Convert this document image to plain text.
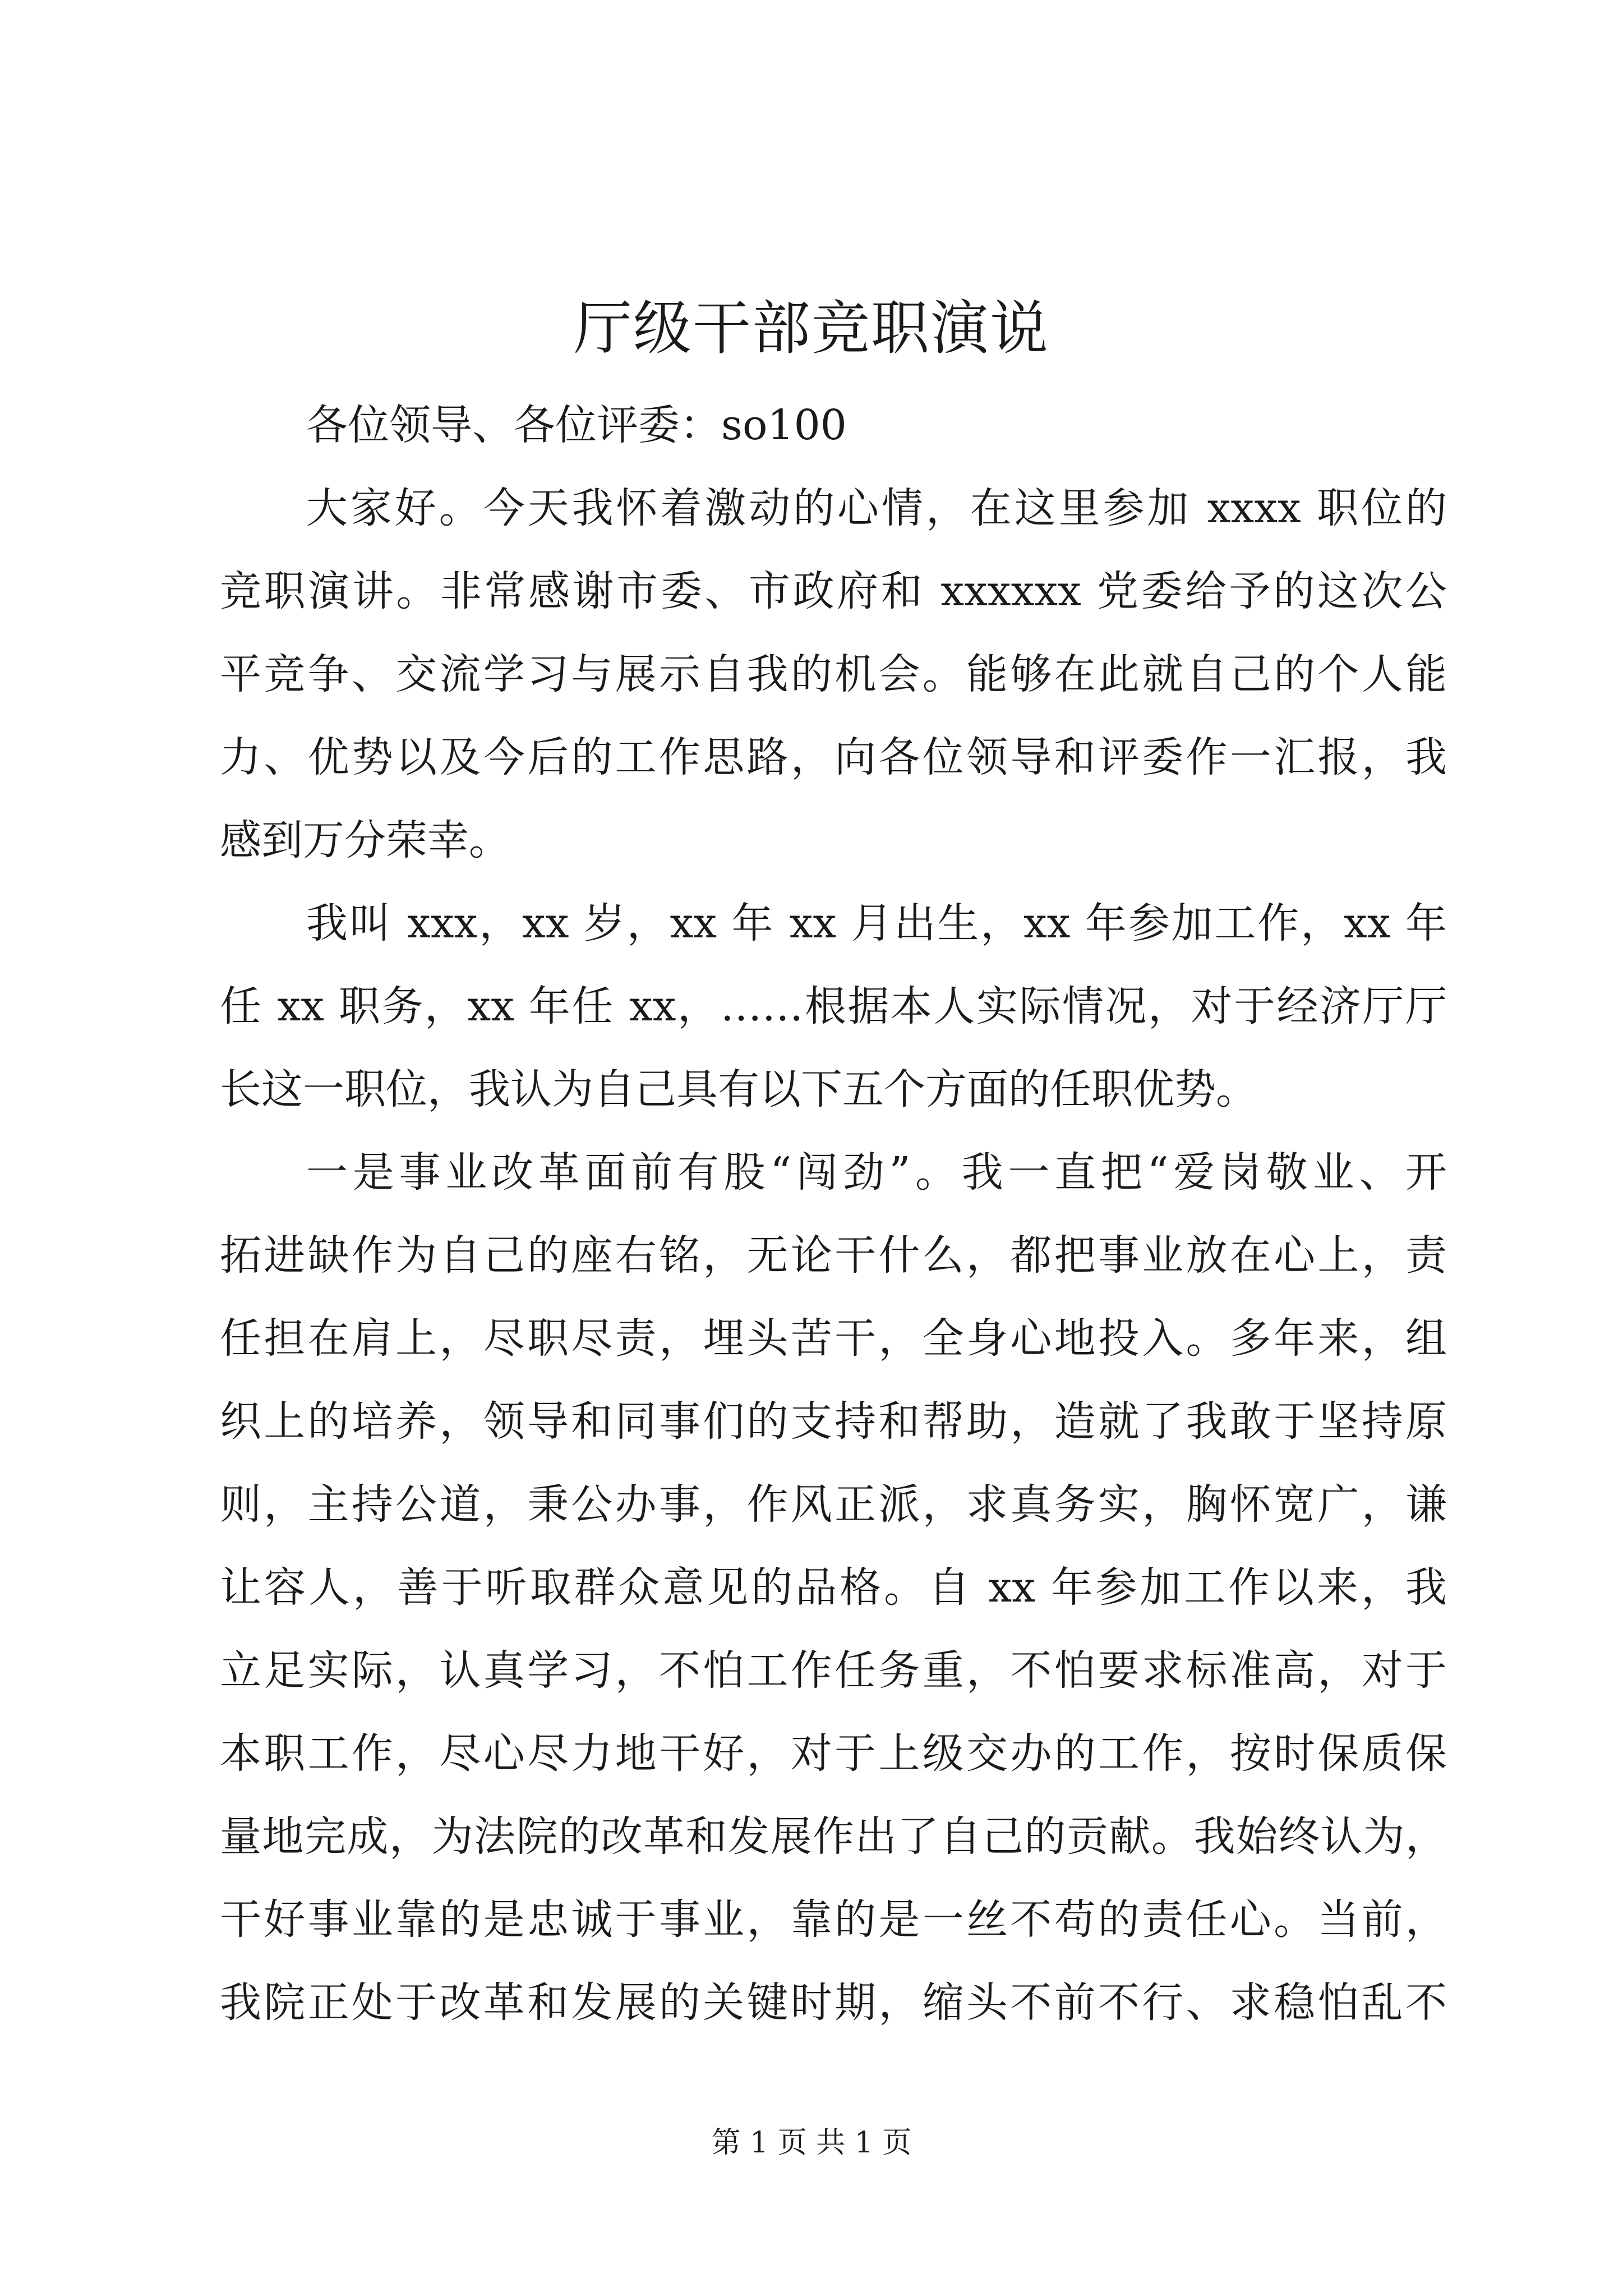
厅级干部竞职演说
各位领导、各位评委：so100
大家好。今天我怀着激动的心情，在这里参加 xxxx 职位的
竞职演讲。非常感谢市委、市政府和 xxxxxx 党委给予的这次公
平竞争、交流学习与展示自我的机会。能够在此就自己的个人能
力、优势以及今后的工作思路，向各位领导和评委作一汇报，我
感到万分荣幸。
我叫 xxx，xx 岁，xx 年 xx 月出生，xx 年参加工作，xx 年
任 xx 职务，xx 年任 xx，……根据本人实际情况，对于经济厅厅
长这一职位，我认为自己具有以下五个方面的任职优势。
一是事业改革面前有股“闯劲”。我一直把“爱岗敬业、开
拓进缺作为自己的座右铭，无论干什么，都把事业放在心上，责
任担在肩上，尽职尽责，埋头苦干，全身心地投入。多年来，组
织上的培养，领导和同事们的支持和帮助，造就了我敢于坚持原
则，主持公道，秉公办事，作风正派，求真务实，胸怀宽广，谦
让容人，善于听取群众意见的品格。自 xx 年参加工作以来，我
立足实际，认真学习，不怕工作任务重，不怕要求标准高，对于
本职工作，尽心尽力地干好，对于上级交办的工作，按时保质保
量地完成，为法院的改革和发展作出了自己的贡献。我始终认为，
干好事业靠的是忠诚于事业，靠的是一丝不苟的责任心。当前，
我院正处于改革和发展的关键时期，缩头不前不行、求稳怕乱不
第 1 页 共 1 页
